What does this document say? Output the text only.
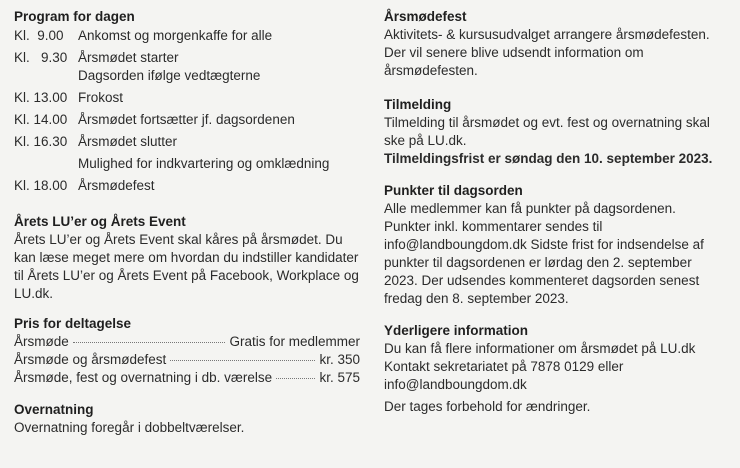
Program for dagen
Kl.  9.00	Ankomst og morgenkaffe for alle
Kl.   9.30 Årsmødet starter
Dagsorden ifølge vedtægterne
Kl. 13.00 Frokost
Kl. 14.00 Årsmødet fortsætter jf. dagsordenen
Kl. 16.30 Årsmødet slutter
Mulighed for indkvartering og omklædning
Kl. 18.00 Årsmødefest
Årets LU’er og Årets Event

Årets LU’er og Årets Event skal kåres på årsmødet. Du kan læse meget mere om hvordan du indstiller kandidater til Årets LU’er og Årets Event på Facebook, Workplace og LU.dk.

Pris for deltagelse
Årsmøde	Gratis for medlemmer
Årsmøde og årsmødefest	kr. 350
Årsmøde, fest og overnatning i db. værelse	kr. 575
Overnatning

Overnatning foregår i dobbeltværelser.

Årsmødefest

Aktivitets- & kursusudvalget arrangere årsmødefesten. Der vil senere blive udsendt information om årsmødefesten.

Tilmelding

Tilmelding til årsmødet og evt. fest og overnatning skal ske på LU.dk.

Tilmeldingsfrist er søndag den 10. september 2023.

Punkter til dagsorden

Alle medlemmer kan få punkter på dagsordenen. Punkter inkl. kommentarer sendes til info@landboungdom.dk Sidste frist for indsendelse af punkter til dagsordenen er lørdag den 2. september 2023. Der udsendes kommenteret dagsorden senest fredag den 8. september 2023.

Yderligere information

Du kan få flere informationer om årsmødet på LU.dk Kontakt sekretariatet på 7878 0129 eller info@landboungdom.dk

Der tages forbehold for ændringer.
